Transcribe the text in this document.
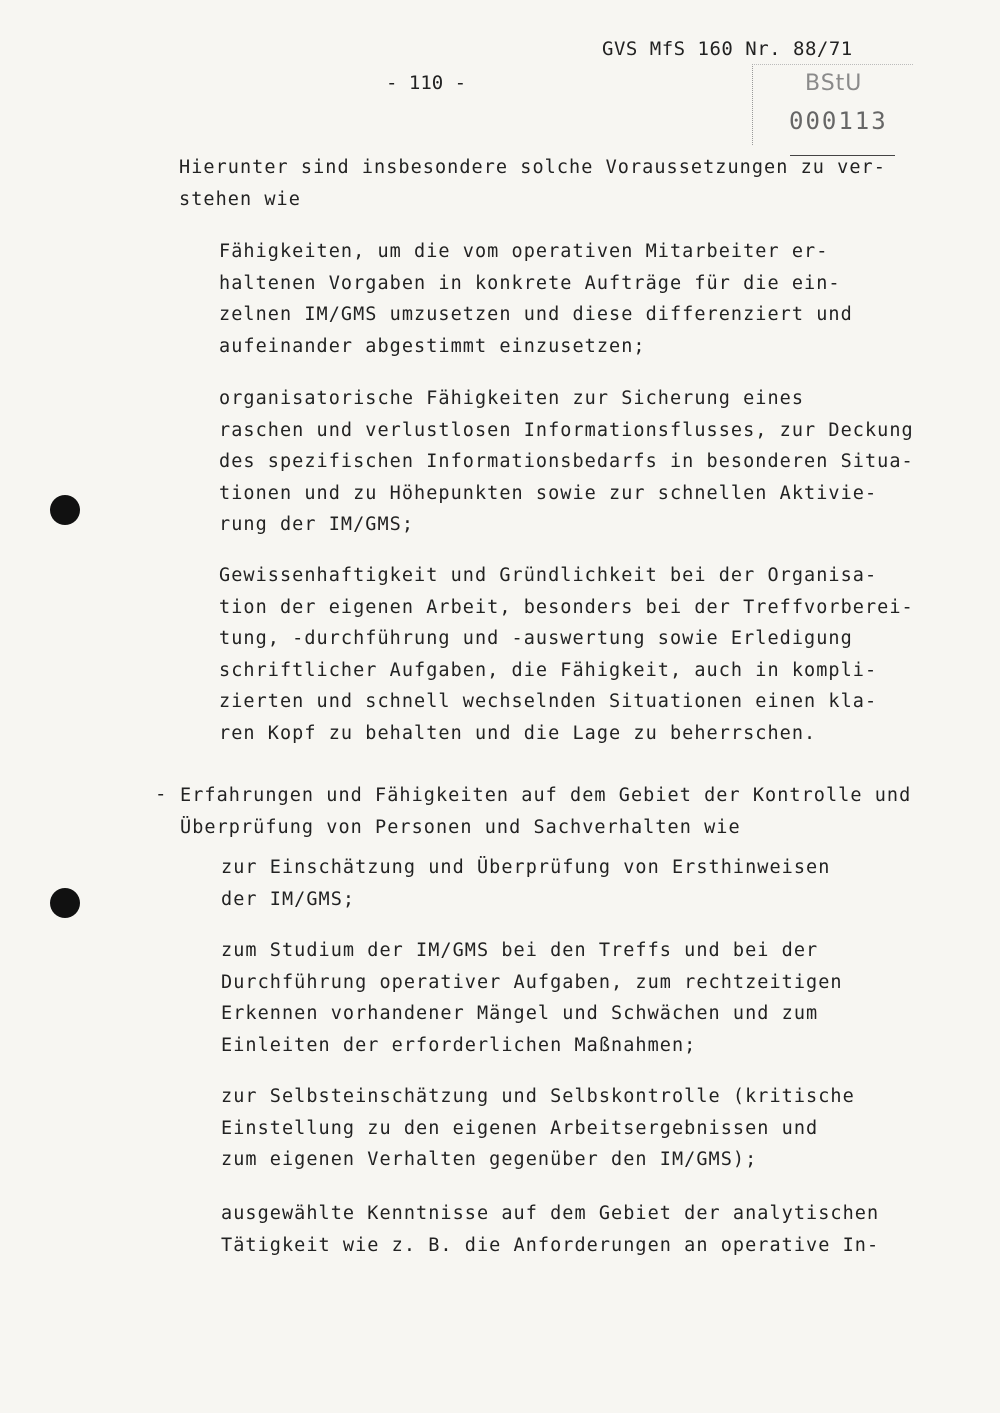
GVS MfS 160 Nr. 88/71
- 110 -	BStU
000113
Hierunter sind insbesondere solche Voraussetzungen zu ver-
stehen wie
Fähigkeiten, um die vom operativen Mitarbeiter er-
haltenen Vorgaben in konkrete Aufträge für die ein-
zelnen IM/GMS umzusetzen und diese differenziert und
aufeinander abgestimmt einzusetzen;
organisatorische Fähigkeiten zur Sicherung eines
raschen und verlustlosen Informationsflusses, zur Deckung
des spezifischen Informationsbedarfs in besonderen Situa-
tionen und zu Höhepunkten sowie zur schnellen Aktivie-
rung der IM/GMS;
Gewissenhaftigkeit und Gründlichkeit bei der Organisa-
tion der eigenen Arbeit, besonders bei der Treffvorberei-
tung, -durchführung und -auswertung sowie Erledigung
schriftlicher Aufgaben, die Fähigkeit, auch in kompli-
zierten und schnell wechselnden Situationen einen kla-
ren Kopf zu behalten und die Lage zu beherrschen.
- Erfahrungen und Fähigkeiten auf dem Gebiet der Kontrolle und
Überprüfung von Personen und Sachverhalten wie
zur Einschätzung und Überprüfung von Ersthinweisen
der IM/GMS;
zum Studium der IM/GMS bei den Treffs und bei der
Durchführung operativer Aufgaben, zum rechtzeitigen
Erkennen vorhandener Mängel und Schwächen und zum
Einleiten der erforderlichen Maßnahmen;
zur Selbsteinschätzung und Selbskontrolle (kritische
Einstellung zu den eigenen Arbeitsergebnissen und
zum eigenen Verhalten gegenüber den IM/GMS);
ausgewählte Kenntnisse auf dem Gebiet der analytischen
Tätigkeit wie z. B. die Anforderungen an operative In-
